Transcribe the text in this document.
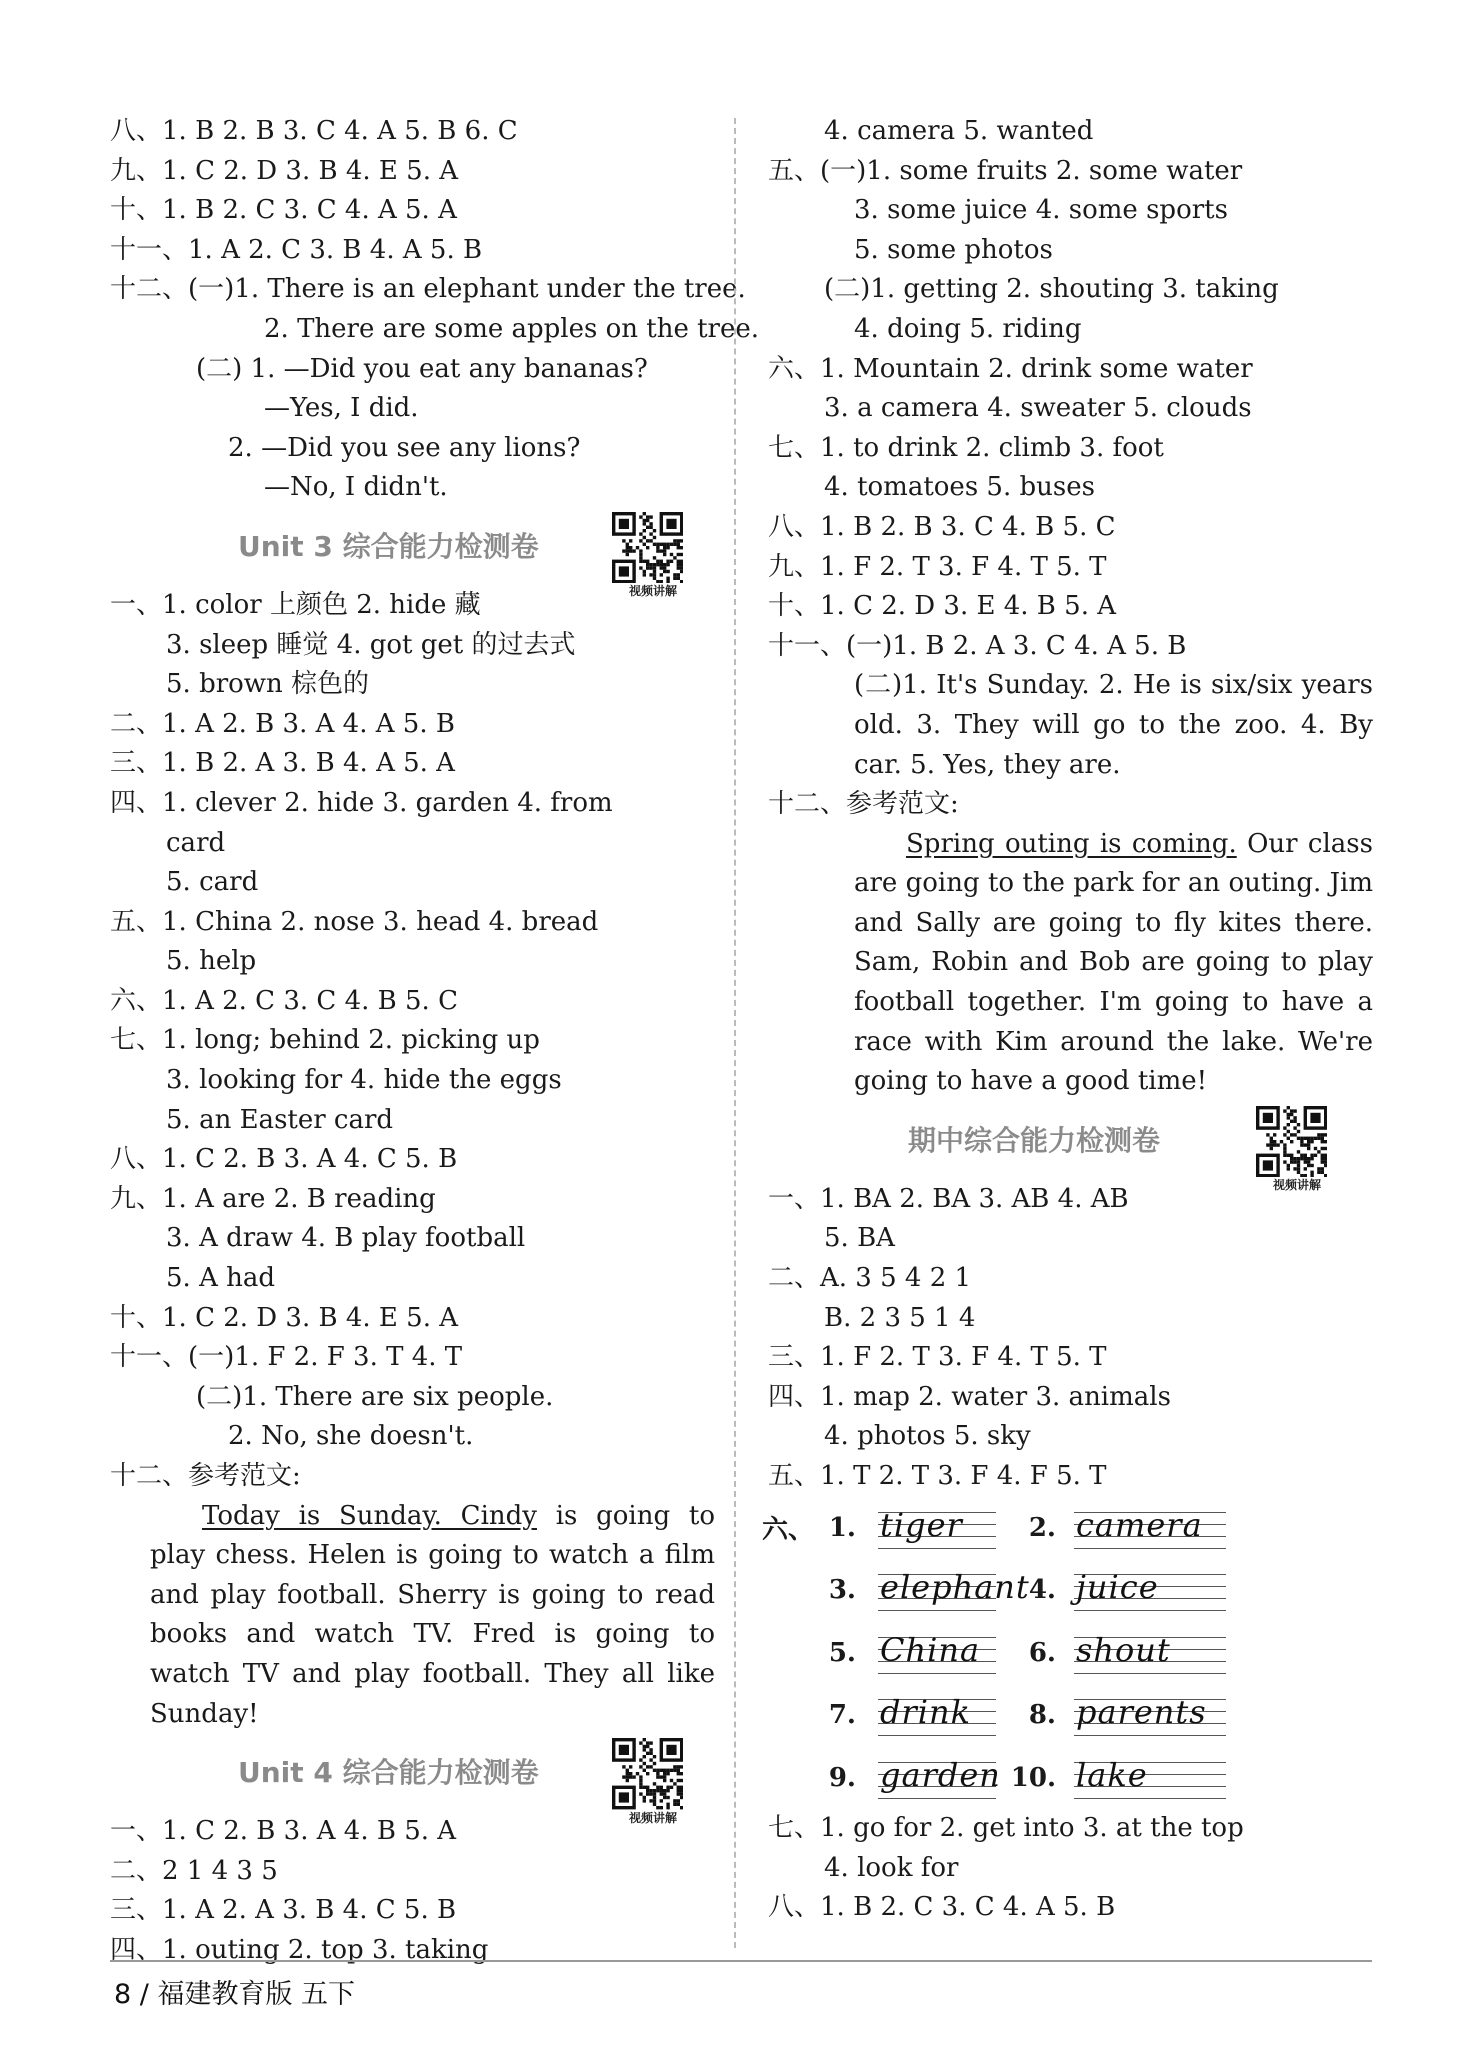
八、1. B 2. B 3. C 4. A 5. B 6. C
九、1. C 2. D 3. B 4. E 5. A
十、1. B 2. C 3. C 4. A 5. A
十一、1. A 2. C 3. B 4. A 5. B
十二、(一)1. There is an elephant under the tree.
2. There are some apples on the tree.
(二) 1. —Did you eat any bananas?
—Yes, I did.
2. —Did you see any lions?
—No, I didn't.
Unit 3 综合能力检测卷
视频讲解
一、1. color 上颜色 2. hide 藏
3. sleep 睡觉 4. got get 的过去式
5. brown 棕色的
二、1. A 2. B 3. A 4. A 5. B
三、1. B 2. A 3. B 4. A 5. A
四、1. clever 2. hide 3. garden 4. from
card
5. card
五、1. China 2. nose 3. head 4. bread
5. help
六、1. A 2. C 3. C 4. B 5. C
七、1. long; behind 2. picking up
3. looking for 4. hide the eggs
5. an Easter card
八、1. C 2. B 3. A 4. C 5. B
九、1. A are 2. B reading
3. A draw 4. B play football
5. A had
十、1. C 2. D 3. B 4. E 5. A
十一、(一)1. F 2. F 3. T 4. T
(二)1. There are six people.
2. No, she doesn't.
十二、参考范文:
Today is Sunday. Cindy is going to play chess. Helen is going to watch a film and play football. Sherry is going to read books and watch TV. Fred is going to watch TV and play football. They all like Sunday!
Unit 4 综合能力检测卷
视频讲解
一、1. C 2. B 3. A 4. B 5. A
二、2 1 4 3 5
三、1. A 2. A 3. B 4. C 5. B
四、1. outing 2. top 3. taking
4. camera 5. wanted
五、(一)1. some fruits 2. some water
3. some juice 4. some sports
5. some photos
(二)1. getting 2. shouting 3. taking
4. doing 5. riding
六、1. Mountain 2. drink some water
3. a camera 4. sweater 5. clouds
七、1. to drink 2. climb 3. foot
4. tomatoes 5. buses
八、1. B 2. B 3. C 4. B 5. C
九、1. F 2. T 3. F 4. T 5. T
十、1. C 2. D 3. E 4. B 5. A
十一、(一)1. B 2. A 3. C 4. A 5. B
(二)1. It's Sunday. 2. He is six/six years old. 3. They will go to the zoo. 4. By car. 5. Yes, they are.
十二、参考范文:
Spring outing is coming. Our class are going to the park for an outing. Jim and Sally are going to fly kites there. Sam, Robin and Bob are going to play football together. I'm going to have a race with Kim around the lake. We're going to have a good time!
期中综合能力检测卷
视频讲解
一、1. BA 2. BA 3. AB 4. AB
5. BA
二、A. 3 5 4 2 1
B. 2 3 5 1 4
三、1. F 2. T 3. F 4. T 5. T
四、1. map 2. water 3. animals
4. photos 5. sky
五、1. T 2. T 3. F 4. F 5. T
六、 1. tiger	2. camera
3. elephant 4. juice
5. China	6. shout
7. drink	8. parents
9. garden 10. lake
七、1. go for 2. get into 3. at the top
4. look for
八、1. B 2. C 3. C 4. A 5. B
8 / 福建教育版 五下
